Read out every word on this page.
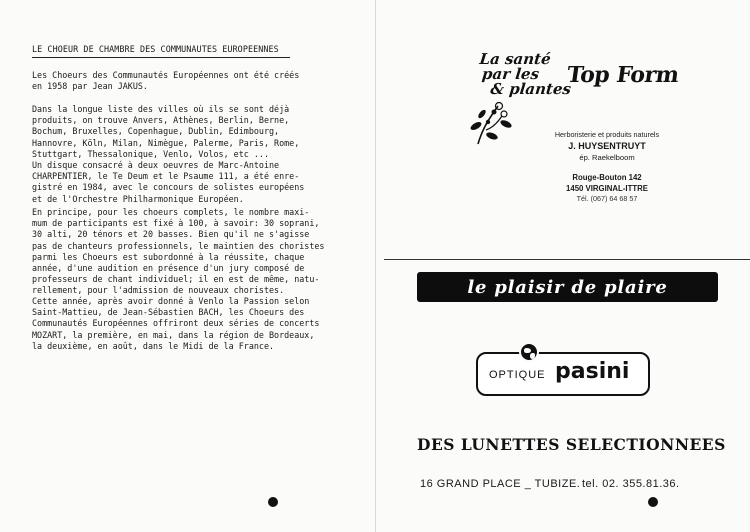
LE CHOEUR DE CHAMBRE DES COMMUNAUTES EUROPEENNES
Les Choeurs des Communautés Européennes ont été créés
en 1958 par Jean JAKUS.
Dans la longue liste des villes où ils se sont déjà
produits, on trouve Anvers, Athènes, Berlin, Berne,
Bochum, Bruxelles, Copenhague, Dublin, Edimbourg,
Hannovre, Köln, Milan, Nimègue, Palerme, Paris, Rome,
Stuttgart, Thessalonique, Venlo, Volos, etc ...
Un disque consacré à deux oeuvres de Marc-Antoine
CHARPENTIER, le Te Deum et le Psaume 111, a été enre-
gistré en 1984, avec le concours de solistes européens
et de l'Orchestre Philharmonique Européen.
En principe, pour les choeurs complets, le nombre maxi-
mum de participants est fixé à 100, à savoir: 30 soprani,
30 alti, 20 ténors et 20 basses. Bien qu'il ne s'agisse
pas de chanteurs professionnels, le maintien des choristes
parmi les Choeurs est subordonné à la réussite, chaque
année, d'une audition en présence d'un jury composé de
professeurs de chant individuel; il en est de même, natu-
rellement, pour l'admission de nouveaux choristes.
Cette année, après avoir donné à Venlo la Passion selon
Saint-Mattieu, de Jean-Sébastien BACH, les Choeurs des
Communautés Européennes offriront deux séries de concerts
MOZART, la première, en mai, dans la région de Bordeaux,
la deuxième, en août, dans le Midi de la France.
La santé
par les
& plantes
Top Form
Herboristerie et produits naturels
J. HUYSENTRUYT
ép. Raekelboom
Rouge-Bouton 142
1450 VIRGINAL-ITTRE
Tél. (067) 64 68 57
le plaisir de plaire
OPTIQUE pasini
DES LUNETTES SELECTIONNEES
16 GRAND PLACE _ TUBIZE. tel. 02. 355.81.36.
